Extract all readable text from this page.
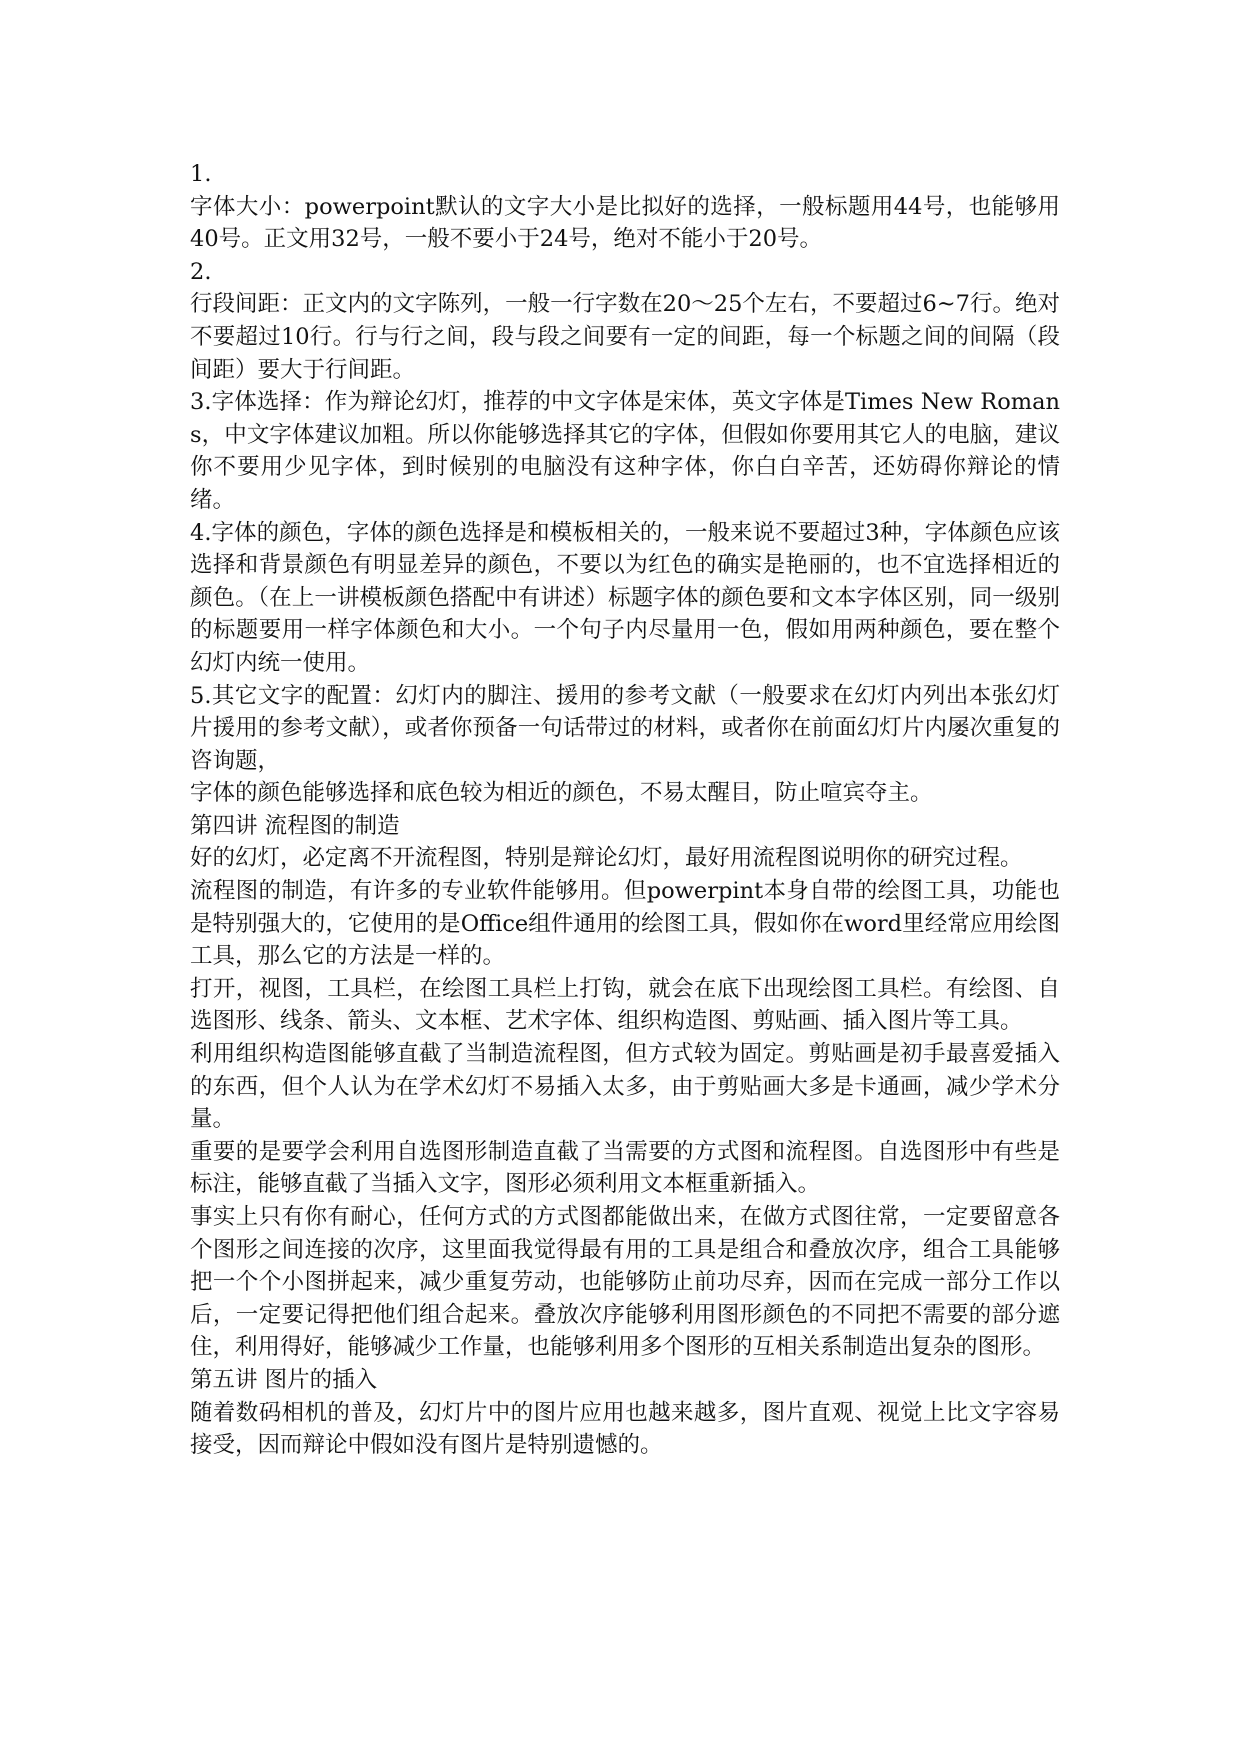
1.

字体大小：powerpoint默认的文字大小是比拟好的选择，一般标题用44号，也能够用40号。正文用32号，一般不要小于24号，绝对不能小于20号。

2.

行段间距：正文内的文字陈列，一般一行字数在20～25个左右，不要超过6~7行。绝对不要超过10行。行与行之间，段与段之间要有一定的间距，每一个标题之间的间隔（段间距）要大于行间距。

3.字体选择：作为辩论幻灯，推荐的中文字体是宋体，英文字体是Times New Romans，中文字体建议加粗。所以你能够选择其它的字体，但假如你要用其它人的电脑，建议你不要用少见字体，到时候别的电脑没有这种字体，你白白辛苦，还妨碍你辩论的情绪。

4.字体的颜色，字体的颜色选择是和模板相关的，一般来说不要超过3种，字体颜色应该选择和背景颜色有明显差异的颜色，不要以为红色的确实是艳丽的，也不宜选择相近的颜色。（在上一讲模板颜色搭配中有讲述）标题字体的颜色要和文本字体区别，同一级别的标题要用一样字体颜色和大小。一个句子内尽量用一色，假如用两种颜色，要在整个幻灯内统一使用。

5.其它文字的配置：幻灯内的脚注、援用的参考文献（一般要求在幻灯内列出本张幻灯片援用的参考文献），或者你预备一句话带过的材料，或者你在前面幻灯片内屡次重复的咨询题，

字体的颜色能够选择和底色较为相近的颜色，不易太醒目，防止喧宾夺主。

第四讲 流程图的制造

好的幻灯，必定离不开流程图，特别是辩论幻灯，最好用流程图说明你的研究过程。

流程图的制造，有许多的专业软件能够用。但powerpint本身自带的绘图工具，功能也是特别强大的，它使用的是Office组件通用的绘图工具，假如你在word里经常应用绘图工具，那么它的方法是一样的。

打开，视图，工具栏，在绘图工具栏上打钩，就会在底下出现绘图工具栏。有绘图、自选图形、线条、箭头、文本框、艺术字体、组织构造图、剪贴画、插入图片等工具。

利用组织构造图能够直截了当制造流程图，但方式较为固定。剪贴画是初手最喜爱插入的东西，但个人认为在学术幻灯不易插入太多，由于剪贴画大多是卡通画，减少学术分量。

重要的是要学会利用自选图形制造直截了当需要的方式图和流程图。自选图形中有些是标注，能够直截了当插入文字，图形必须利用文本框重新插入。

事实上只有你有耐心，任何方式的方式图都能做出来，在做方式图往常，一定要留意各个图形之间连接的次序，这里面我觉得最有用的工具是组合和叠放次序，组合工具能够把一个个小图拼起来，减少重复劳动，也能够防止前功尽弃，因而在完成一部分工作以后，一定要记得把他们组合起来。叠放次序能够利用图形颜色的不同把不需要的部分遮住，利用得好，能够减少工作量，也能够利用多个图形的互相关系制造出复杂的图形。

第五讲 图片的插入

随着数码相机的普及，幻灯片中的图片应用也越来越多，图片直观、视觉上比文字容易接受，因而辩论中假如没有图片是特别遗憾的。
